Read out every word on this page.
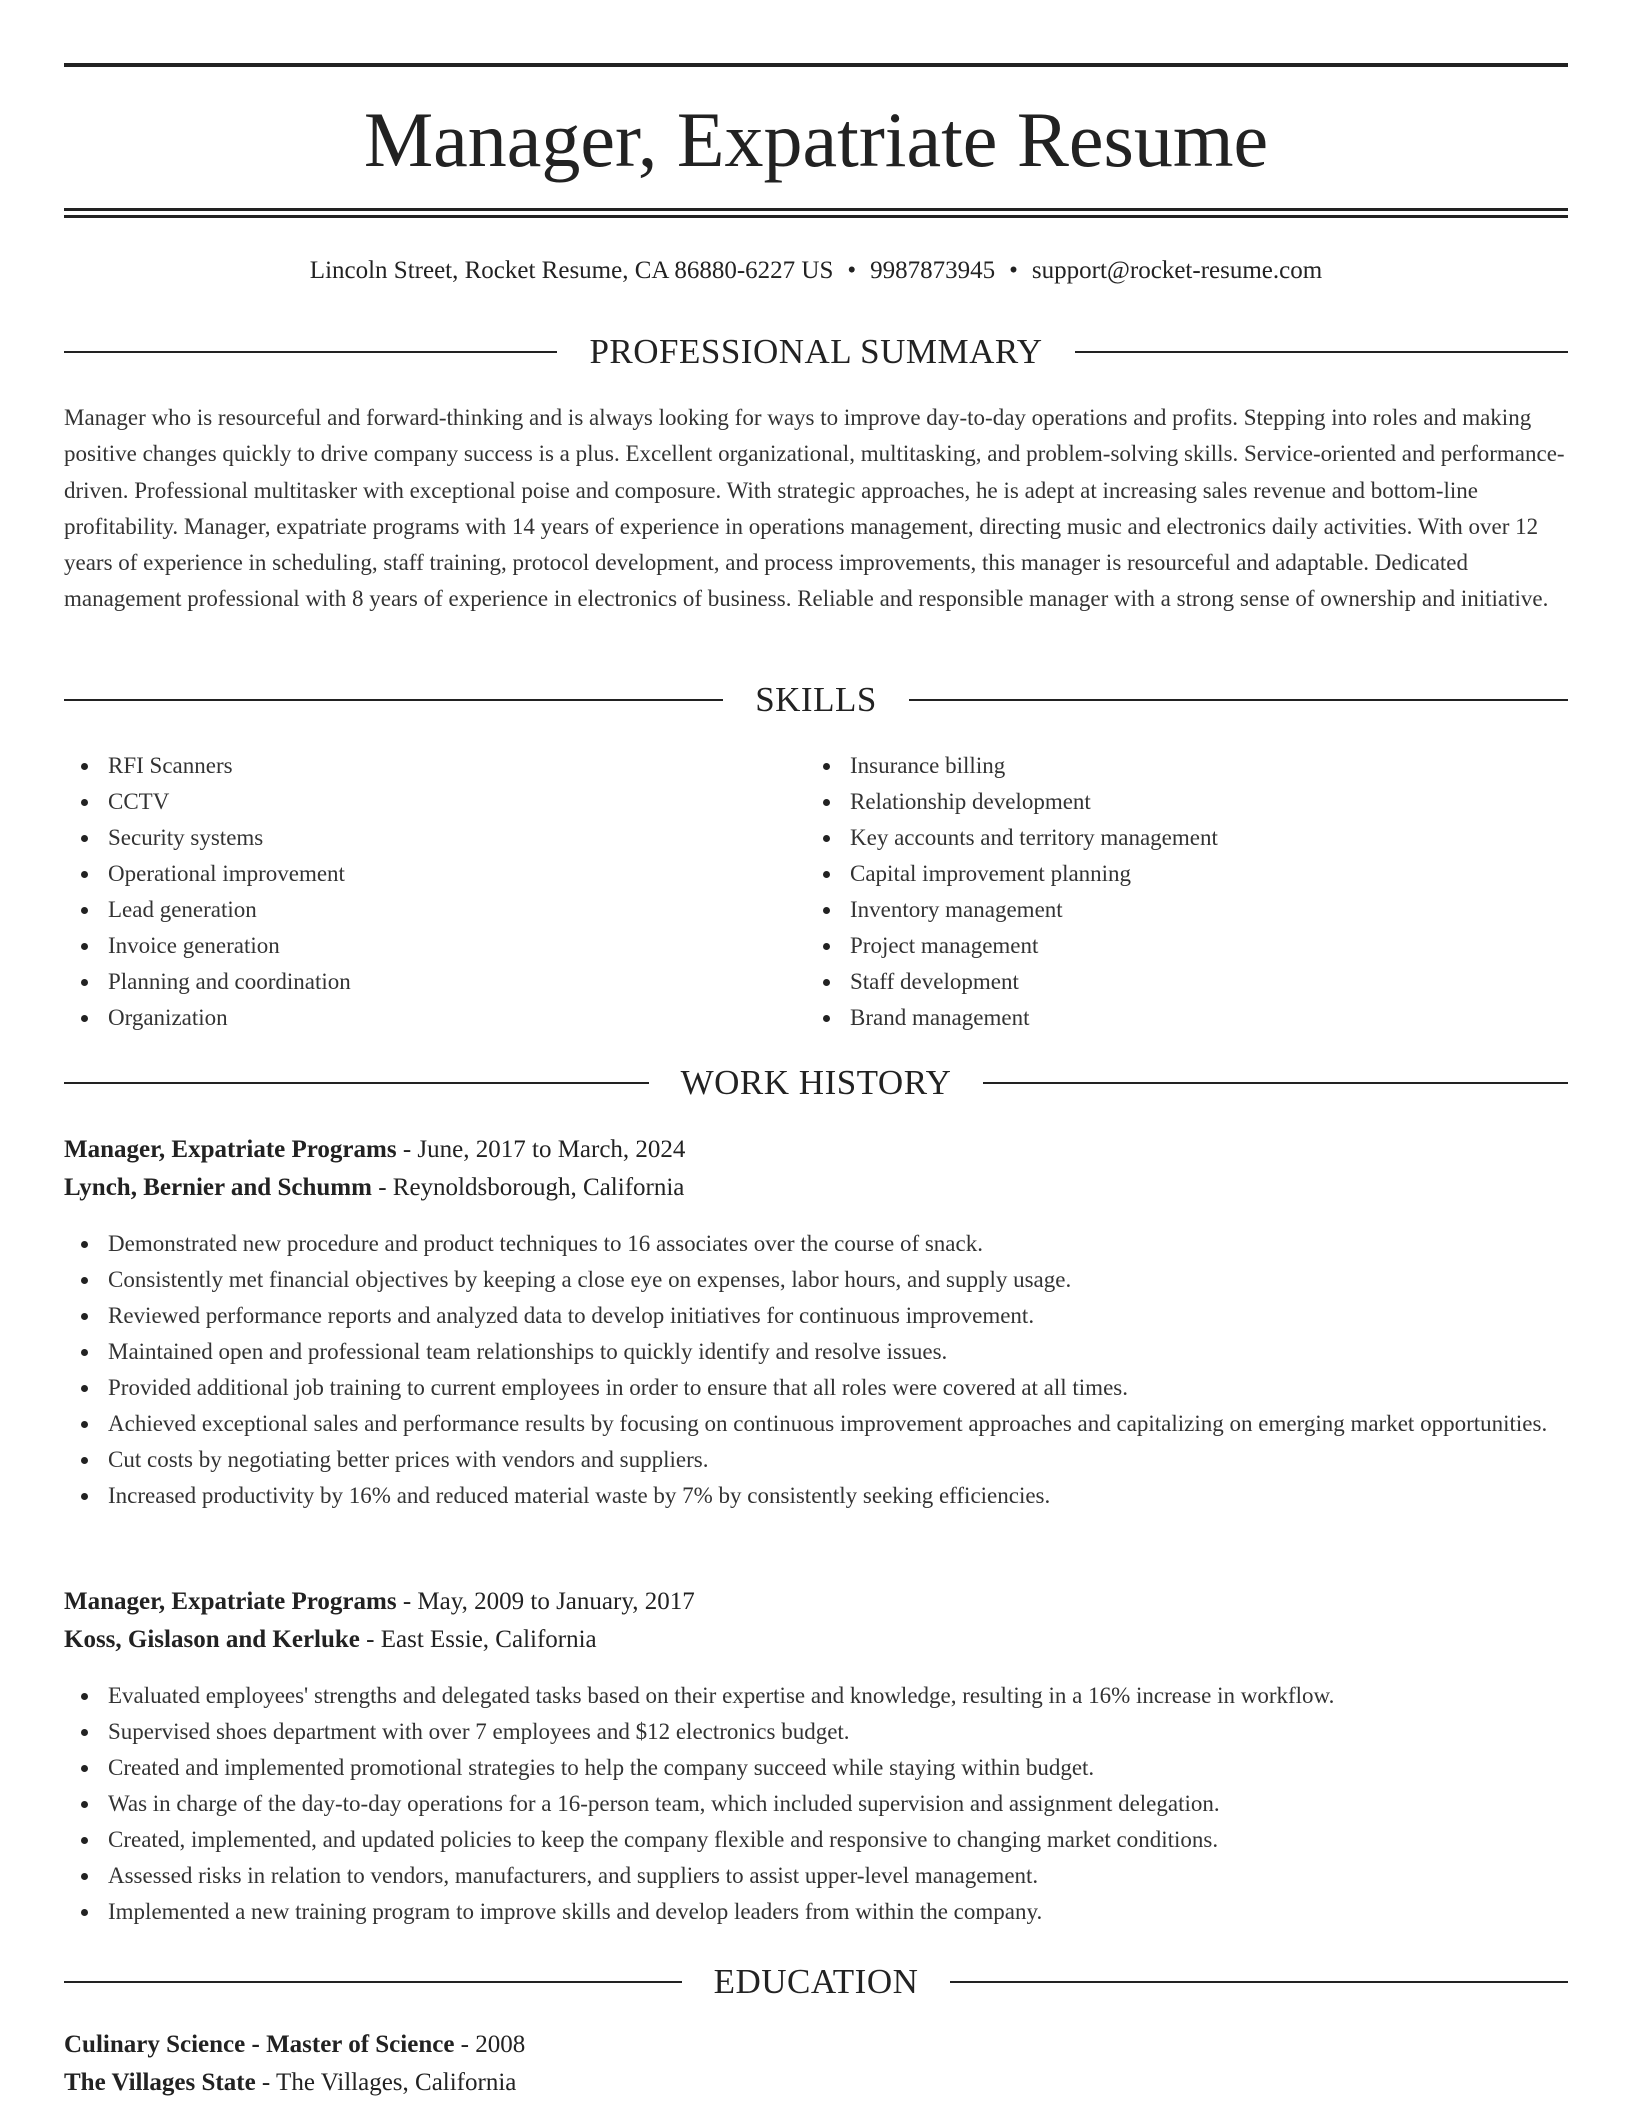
Manager, Expatriate Resume
Lincoln Street, Rocket Resume, CA 86880-6227 US • 9987873945 • support@rocket-resume.com
PROFESSIONAL SUMMARY

Manager who is resourceful and forward-thinking and is always looking for ways to improve day-to-day operations and profits. Stepping into roles and making positive changes quickly to drive company success is a plus. Excellent organizational, multitasking, and problem-solving skills. Service-oriented and performance-driven. Professional multitasker with exceptional poise and composure. With strategic approaches, he is adept at increasing sales revenue and bottom-line profitability. Manager, expatriate programs with 14 years of experience in operations management, directing music and electronics daily activities. With over 12 years of experience in scheduling, staff training, protocol development, and process improvements, this manager is resourceful and adaptable. Dedicated management professional with 8 years of experience in electronics of business. Reliable and responsible manager with a strong sense of ownership and initiative.

SKILLS
RFI Scanners
CCTV
Security systems
Operational improvement
Lead generation
Invoice generation
Planning and coordination
Organization
Insurance billing
Relationship development
Key accounts and territory management
Capital improvement planning
Inventory management
Project management
Staff development
Brand management
WORK HISTORY
Manager, Expatriate Programs - June, 2017 to March, 2024
Lynch, Bernier and Schumm - Reynoldsborough, California
Demonstrated new procedure and product techniques to 16 associates over the course of snack.
Consistently met financial objectives by keeping a close eye on expenses, labor hours, and supply usage.
Reviewed performance reports and analyzed data to develop initiatives for continuous improvement.
Maintained open and professional team relationships to quickly identify and resolve issues.
Provided additional job training to current employees in order to ensure that all roles were covered at all times.
Achieved exceptional sales and performance results by focusing on continuous improvement approaches and capitalizing on emerging market opportunities.
Cut costs by negotiating better prices with vendors and suppliers.
Increased productivity by 16% and reduced material waste by 7% by consistently seeking efficiencies.
Manager, Expatriate Programs - May, 2009 to January, 2017
Koss, Gislason and Kerluke - East Essie, California
Evaluated employees' strengths and delegated tasks based on their expertise and knowledge, resulting in a 16% increase in workflow.
Supervised shoes department with over 7 employees and $12 electronics budget.
Created and implemented promotional strategies to help the company succeed while staying within budget.
Was in charge of the day-to-day operations for a 16-person team, which included supervision and assignment delegation.
Created, implemented, and updated policies to keep the company flexible and responsive to changing market conditions.
Assessed risks in relation to vendors, manufacturers, and suppliers to assist upper-level management.
Implemented a new training program to improve skills and develop leaders from within the company.
EDUCATION
Culinary Science - Master of Science - 2008
The Villages State - The Villages, California
